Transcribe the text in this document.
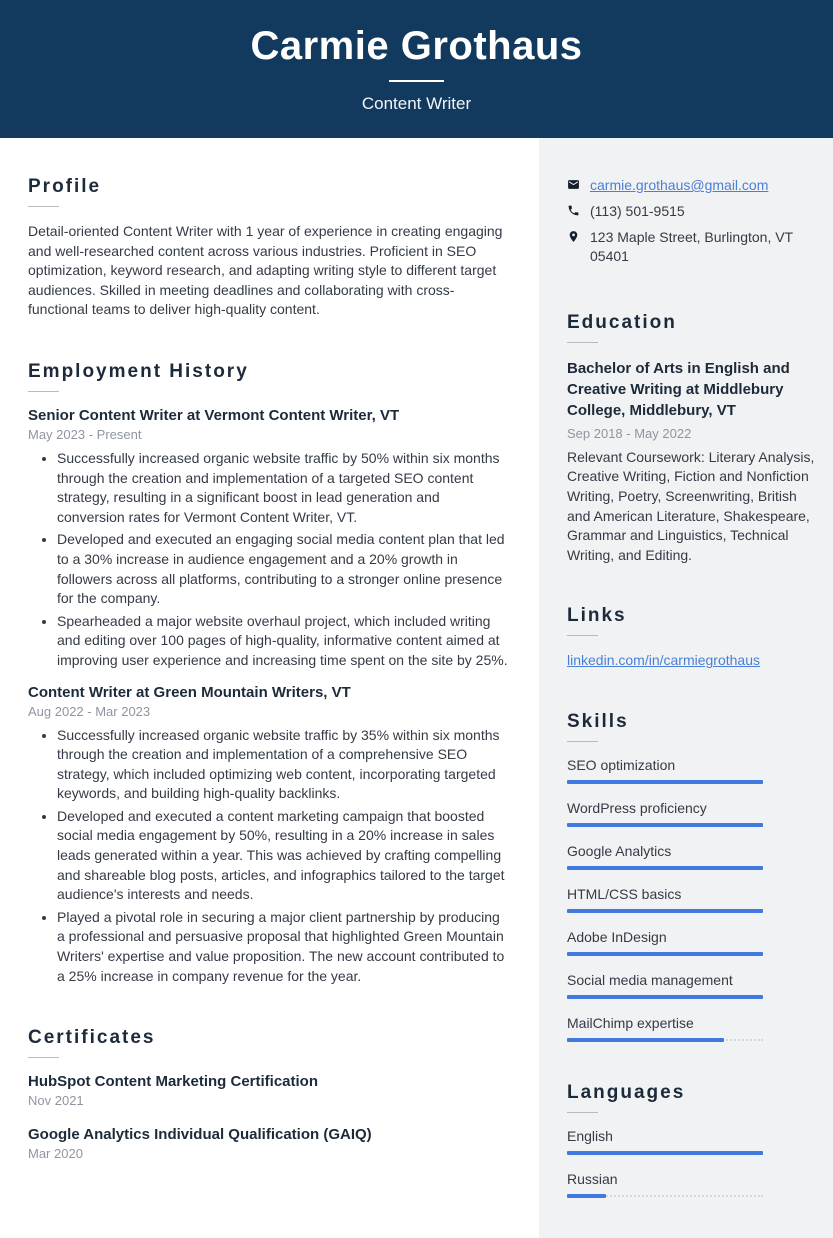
Carmie Grothaus
Content Writer
Profile

Detail-oriented Content Writer with 1 year of experience in creating engaging and well-researched content across various industries. Proficient in SEO optimization, keyword research, and adapting writing style to different target audiences. Skilled in meeting deadlines and collaborating with cross-functional teams to deliver high-quality content.

Employment History
Senior Content Writer at Vermont Content Writer, VT
May 2023 - Present
• Successfully increased organic website traffic by 50% within six months through the creation and implementation of a targeted SEO content strategy, resulting in a significant boost in lead generation and conversion rates for Vermont Content Writer, VT.
• Developed and executed an engaging social media content plan that led to a 30% increase in audience engagement and a 20% growth in followers across all platforms, contributing to a stronger online presence for the company.
• Spearheaded a major website overhaul project, which included writing and editing over 100 pages of high-quality, informative content aimed at improving user experience and increasing time spent on the site by 25%.
Content Writer at Green Mountain Writers, VT
Aug 2022 - Mar 2023
• Successfully increased organic website traffic by 35% within six months through the creation and implementation of a comprehensive SEO strategy, which included optimizing web content, incorporating targeted keywords, and building high-quality backlinks.
• Developed and executed a content marketing campaign that boosted social media engagement by 50%, resulting in a 20% increase in sales leads generated within a year. This was achieved by crafting compelling and shareable blog posts, articles, and infographics tailored to the target audience's interests and needs.
• Played a pivotal role in securing a major client partnership by producing a professional and persuasive proposal that highlighted Green Mountain Writers' expertise and value proposition. The new account contributed to a 25% increase in company revenue for the year.
Certificates
HubSpot Content Marketing Certification
Nov 2021
Google Analytics Individual Qualification (GAIQ)
Mar 2020
carmie.grothaus@gmail.com
(113) 501-9515
123 Maple Street, Burlington, VT 05401
Education

Bachelor of Arts in English and Creative Writing at Middlebury College, Middlebury, VT

Sep 2018 - May 2022
Relevant Coursework: Literary Analysis, Creative Writing, Fiction and Nonfiction Writing, Poetry, Screenwriting, British and American Literature, Shakespeare, Grammar and Linguistics, Technical Writing, and Editing.
Links
linkedin.com/in/carmiegrothaus
Skills
SEO optimization
WordPress proficiency
Google Analytics
HTML/CSS basics
Adobe InDesign
Social media management
MailChimp expertise
Languages
English
Russian
